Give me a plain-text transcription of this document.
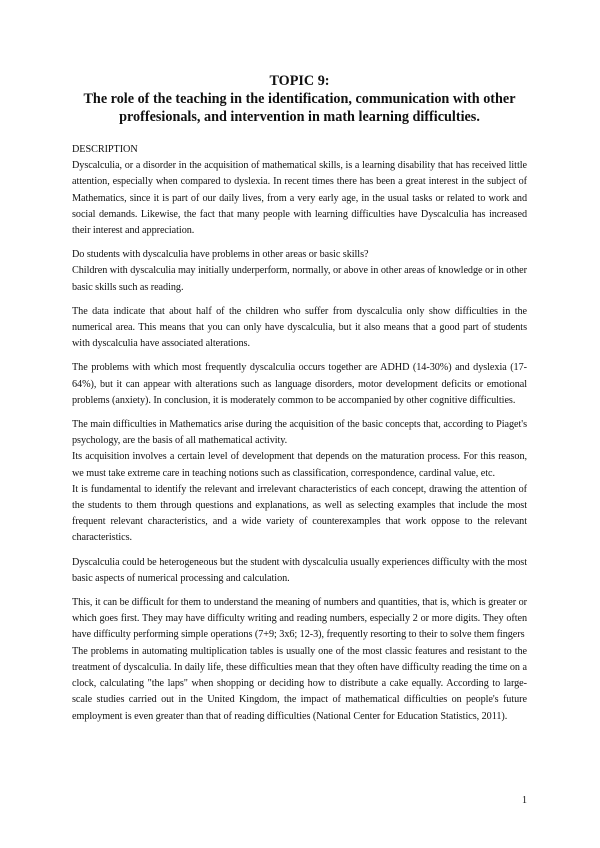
TOPIC 9:

The role of the teaching in the identification, communication with other

proffesionals, and intervention in math learning difficulties.

DESCRIPTION

Dyscalculia, or a disorder in the acquisition of mathematical skills, is a learning disability that has received little attention, especially when compared to dyslexia. In recent times there has been a great interest in the subject of Mathematics, since it is part of our daily lives, from a very early age, in the usual tasks or related to work and social demands. Likewise, the fact that many people with learning difficulties have Dyscalculia has increased their interest and appreciation.

Do students with dyscalculia have problems in other areas or basic skills?

Children with dyscalculia may initially underperform, normally, or above in other areas of knowledge or in other basic skills such as reading.

The data indicate that about half of the children who suffer from dyscalculia only show difficulties in the numerical area. This means that you can only have dyscalculia, but it also means that a good part of students with dyscalculia have associated alterations.

The problems with which most frequently dyscalculia occurs together are ADHD (14-30%) and dyslexia (17-64%), but it can appear with alterations such as language disorders, motor development deficits or emotional problems (anxiety). In conclusion, it is moderately common to be accompanied by other cognitive difficulties.

The main difficulties in Mathematics arise during the acquisition of the basic concepts that, according to Piaget's psychology, are the basis of all mathematical activity.

Its acquisition involves a certain level of development that depends on the maturation process. For this reason, we must take extreme care in teaching notions such as classification, correspondence, cardinal value, etc.

It is fundamental to identify the relevant and irrelevant characteristics of each concept, drawing the attention of the students to them through questions and explanations, as well as selecting examples that include the most frequent relevant characteristics, and a wide variety of counterexamples that work oppose to the relevant characteristics.

Dyscalculia could be heterogeneous but the student with dyscalculia usually experiences difficulty with the most basic aspects of numerical processing and calculation.

This, it can be difficult for them to understand the meaning of numbers and quantities, that is, which is greater or which goes first. They may have difficulty writing and reading numbers, especially 2 or more digits. They often have difficulty performing simple operations (7+9; 3x6; 12-3), frequently resorting to their to solve them fingers

The problems in automating multiplication tables is usually one of the most classic features and resistant to the treatment of dyscalculia. In daily life, these difficulties mean that they often have difficulty reading the time on a clock, calculating "the laps" when shopping or deciding how to distribute a cake equally. According to large-scale studies carried out in the United Kingdom, the impact of mathematical difficulties on people's future employment is even greater than that of reading difficulties (National Center for Education Statistics, 2011).

1
